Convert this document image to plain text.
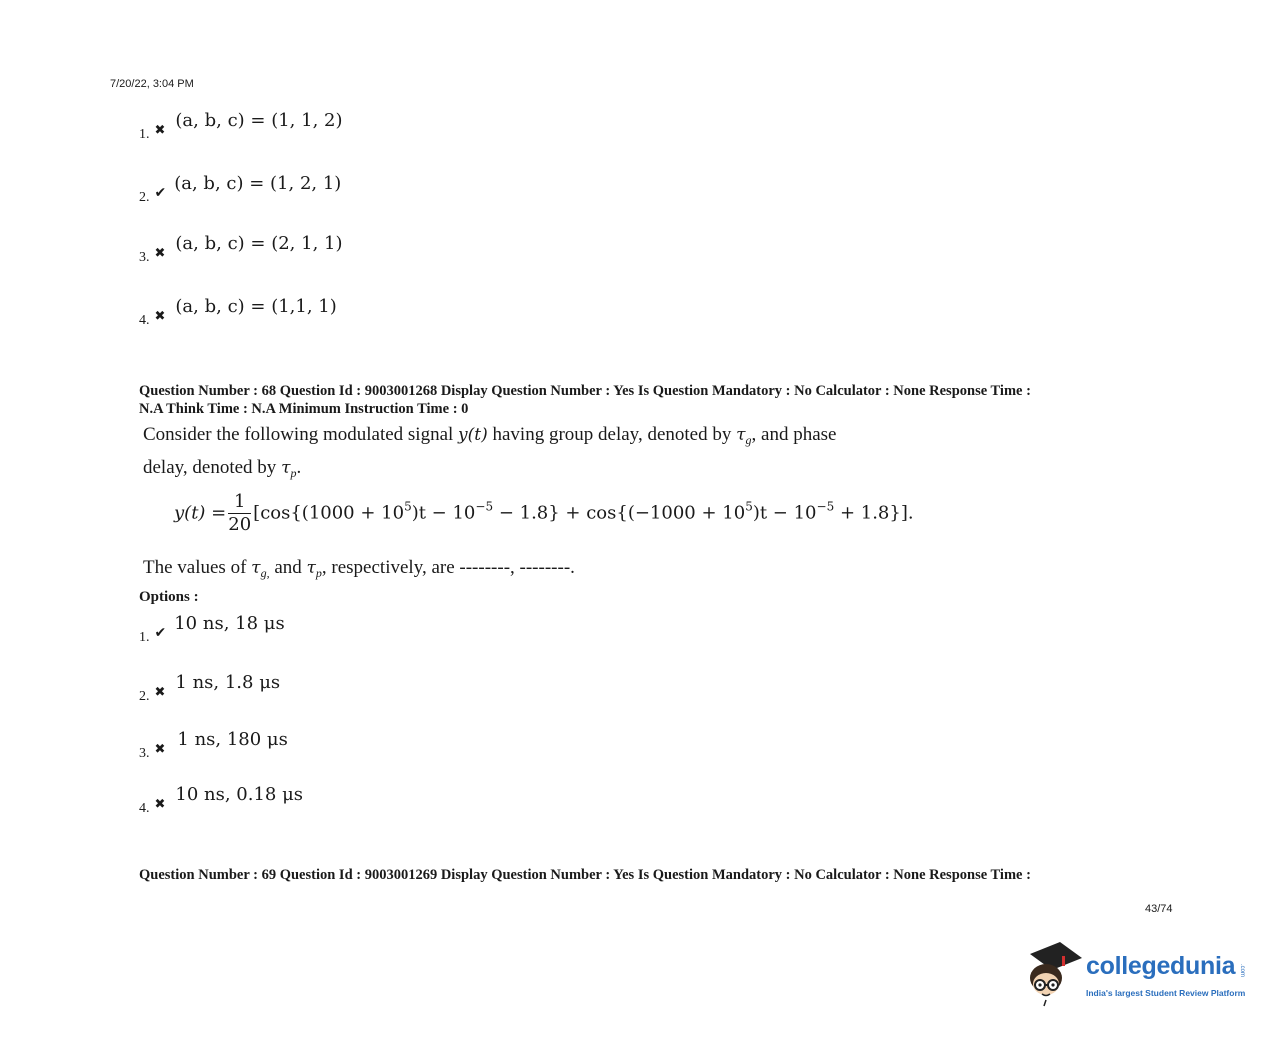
7/20/22, 3:04 PM
1. $_✖$ (a, b, c) = (1, 1, 2)
2. ✔ (a, b, c) = (1, 2, 1)
3. $_✖$ (a, b, c) = (2, 1, 1)
4. $_✖$ (a, b, c) = (1,1, 1)
Question Number : 68 Question Id : 9003001268 Display Question Number : Yes Is Question Mandatory : No Calculator : None Response Time :
N.A Think Time : N.A Minimum Instruction Time : 0
Consider the following modulated signal y(t) having group delay, denoted by $\tau_g$, and phase
delay, denoted by $\tau_p$.
$y(t) = \frac{1}{20} [\cos\{(1000 + 10^5)t - 10^{-5} - 1.8\} + \cos\{(-1000 + 10^5)t - 10^{-5} + 1.8\}]$.
The values of $\tau_{g,}$ and $\tau_p$, respectively, are --------, --------.
Options :
1. ✔ 10 ns, 18 μs
2. $_✖$ 1 ns, 1.8 μs
3. $_✖$ 1 ns, 180 μs
4. $_✖$ 10 ns, 0.18 μs
Question Number : 69 Question Id : 9003001269 Display Question Number : Yes Is Question Mandatory : No Calculator : None Response Time :
43/74
collegedunia .com
India's largest Student Review Platform
